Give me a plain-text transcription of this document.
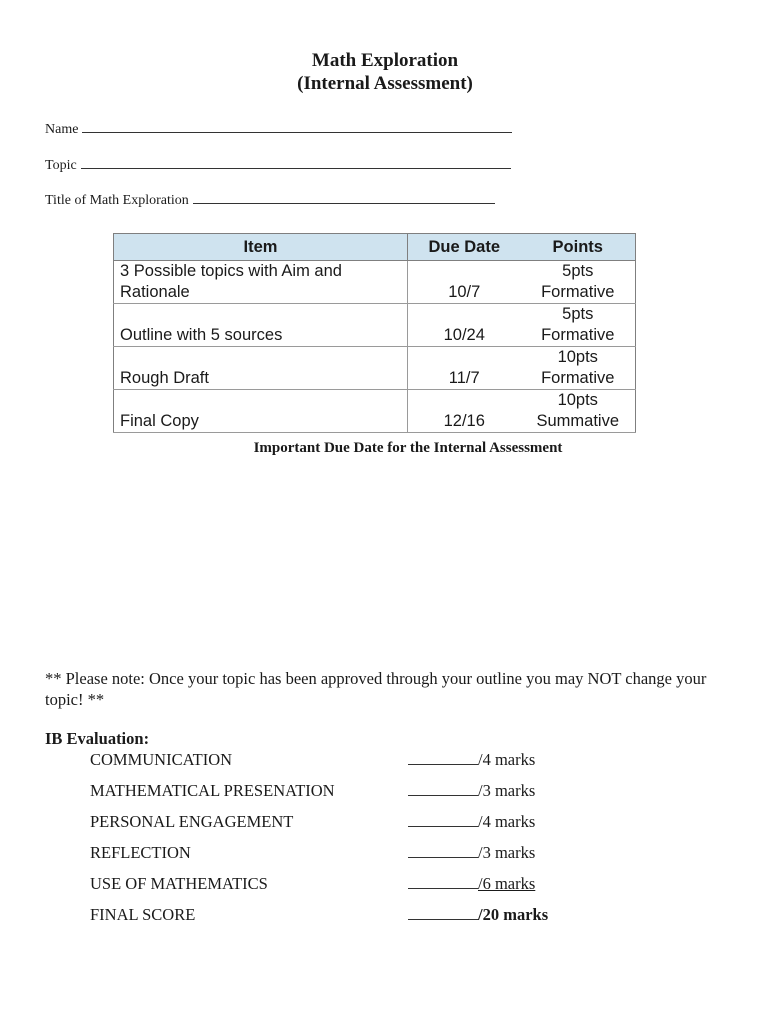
Math Exploration
(Internal Assessment)
Name
Topic
Title of Math Exploration
Item	Due Date	Points
3 Possible topics with Aim and
Rationale	10/7	5pts
Formative
Outline with 5 sources	10/24	5pts
Formative
Rough Draft	11/7	10pts
Formative
Final Copy	12/16	10pts
Summative
Important Due Date for the Internal Assessment
** Please note: Once your topic has been approved through your outline you may NOT change your topic! **
IB Evaluation:
COMMUNICATION	/4 marks
MATHEMATICAL PRESENATION	/3 marks
PERSONAL ENGAGEMENT	/4 marks
REFLECTION	/3 marks
USE OF MATHEMATICS	/6 marks
FINAL SCORE	/20 marks
